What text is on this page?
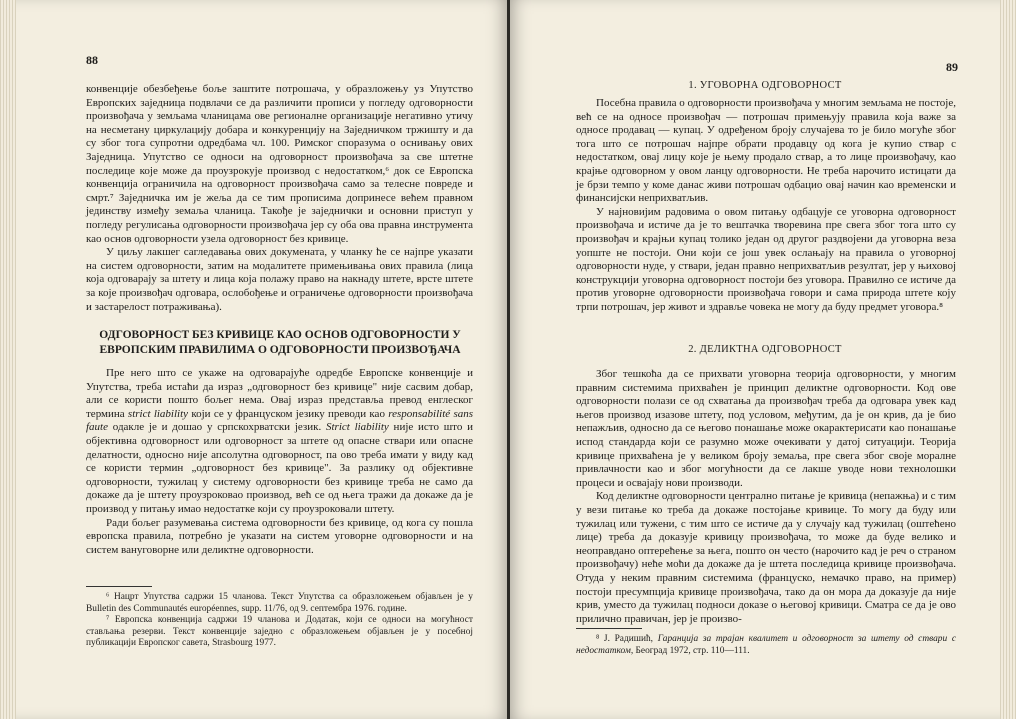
88

конвенције обезбеђење боље заштите потрошача, у образложењу уз Упутство Европских заједница подвлачи се да различити прописи у погледу одговорности произвођача у земљама чланицама ове регионалне организације негативно утичу на несметану циркулацију добара и конкуренцију на Заједничком тржишту и да су због тога супротни одредбама чл. 100. Римског споразума о оснивању ових Заједница. Упутство се односи на одговорност произвођача за све штетне последице које може да проузрокује производ с недостатком,⁶ док се Европска конвенција ограничила на одговорност произвођача само за телесне повреде и смрт.⁷ Заједничка им је жеља да се тим прописима допринесе већем правном јединству између земаља чланица. Такође је заједнички и основни приступ у погледу регулисања одговорности произвођача јер су оба ова правна инструмента као основ одговорности узела одговорност без кривице.

У циљу лакшег сагледавања ових докумената, у чланку ће се најпре указати на систем одговорности, затим на модалитете примењивања ових правила (лица која одговарају за штету и лица која полажу право на накнаду штете, врсте штете за које произвођач одговара, ослобођење и ограничење одговорности произвођача и застарелост потраживања).

ОДГОВОРНОСТ БЕЗ КРИВИЦЕ КАО ОСНОВ ОДГОВОРНОСТИ У ЕВРОПСКИМ ПРАВИЛИМА О ОДГОВОРНОСТИ ПРОИЗВОЂАЧА

Пре него што се укаже на одговарајуће одредбе Европске конвенције и Упутства, треба истаћи да израз „одговорност без кривице" није сасвим добар, али се користи пошто бољег нема. Овај израз представља превод енглеског термина strict liability који се у француском језику преводи као responsabilité sans faute одакле је и дошао у српскохрватски језик. Strict liability није исто што и објективна одговорност или одговорност за штете од опасне ствари или опасне делатности, односно није апсолутна одговорност, па ово треба имати у виду кад се користи термин „одговорност без кривице". За разлику од објективне одговорности, тужилац у систему одговорности без кривице треба не само да докаже да је штету проузроковао производ, већ се од њега тражи да докаже да је производ у питању имао недостатке који су проузроковали штету.

Ради бољег разумевања система одговорности без кривице, од кога су пошла европска правила, потребно је указати на систем уговорне одговорности и на систем вануговорне или деликтне одговорности.

⁶ Нацрт Упутства садржи 15 чланова. Текст Упутства са образложењем објављен је у Bulletin des Communautés européennes, supp. 11/76, од 9. септембра 1976. године.

⁷ Европска конвенција садржи 19 чланова и Додатак, који се односи на могућност стављања резерви. Текст конвенције заједно с образложењем објављен је у посебној публикацији Европског савета, Strasbourg 1977.

89
1. УГОВОРНА ОДГОВОРНОСТ

Посебна правила о одговорности произвођача у многим земљама не постоје, већ се на односе произвођач — потрошач примењују правила која важе за односе продавац — купац. У одређеном броју случајева то је било могуће због тога што се потрошач најпре обрати продавцу од кога је купио ствар с недостатком, овај лицу које је њему продало ствар, а то лице произвођачу, као крајње одговорном у овом ланцу одговорности. Не треба нарочито истицати да је брзи темпо у коме данас живи потрошач одбацио овај начин као временски и финансијски неприхватљив.

У најновијим радовима о овом питању одбацује се уговорна одговорност произвођача и истиче да је то вештачка творевина пре свега због тога што су произвођач и крајњи купац толико један од другог раздвојени да уговорна веза уопште не постоји. Они који се још увек ослањају на правила о уговорној одговорности нуде, у ствари, један правно неприхватљив резултат, јер у њиховој конструкцији уговорна одговорност постоји без уговора. Правилно се истиче да против уговорне одговорности произвођача говори и сама природа штете коју трпи потрошач, јер живот и здравље човека не могу да буду предмет уговора.⁸

2. ДЕЛИКТНА ОДГОВОРНОСТ

Због тешкоћа да се прихвати уговорна теорија одговорности, у многим правним системима прихваћен је принцип деликтне одговорности. Код ове одговорности полази се од схватања да произвођач треба да одговара увек кад његов производ изазове штету, под условом, међутим, да је он крив, да је био непажљив, односно да се његово понашање може окарактерисати као понашање испод стандарда који се разумно може очекивати у датој ситуацији. Теорија кривице прихваћена је у великом броју земаља, пре свега због своје моралне привлачности као и због могућности да се лакше уводе нови технолошки процеси и осваjају нови производи.

Код деликтне одговорности централно питање је кривица (непажња) и с тим у вези питање ко треба да докаже постојање кривице. То могу да буду или тужилац или тужени, с тим што се истиче да у случају кад тужилац (оштећено лице) треба да доказује кривицу произвођача, то може да буде велико и неоправдано оптерећење за њега, пошто он често (нарочито кад је реч о страном произвођачу) неће моћи да докаже да је штета последица кривице произвођача. Отуда у неким правним системима (француско, немачко право, на пример) постоји пресумпција кривице произвођача, тако да он мора да доказује да није крив, уместо да тужилац подноси доказе о његовој кривици. Сматра се да је ово прилично правичан, јер је произво-

⁸ Ј. Радишић, Гаранција за трајан квалитет и одговорност за штету од ствари с недостатком, Београд 1972, стр. 110—111.
